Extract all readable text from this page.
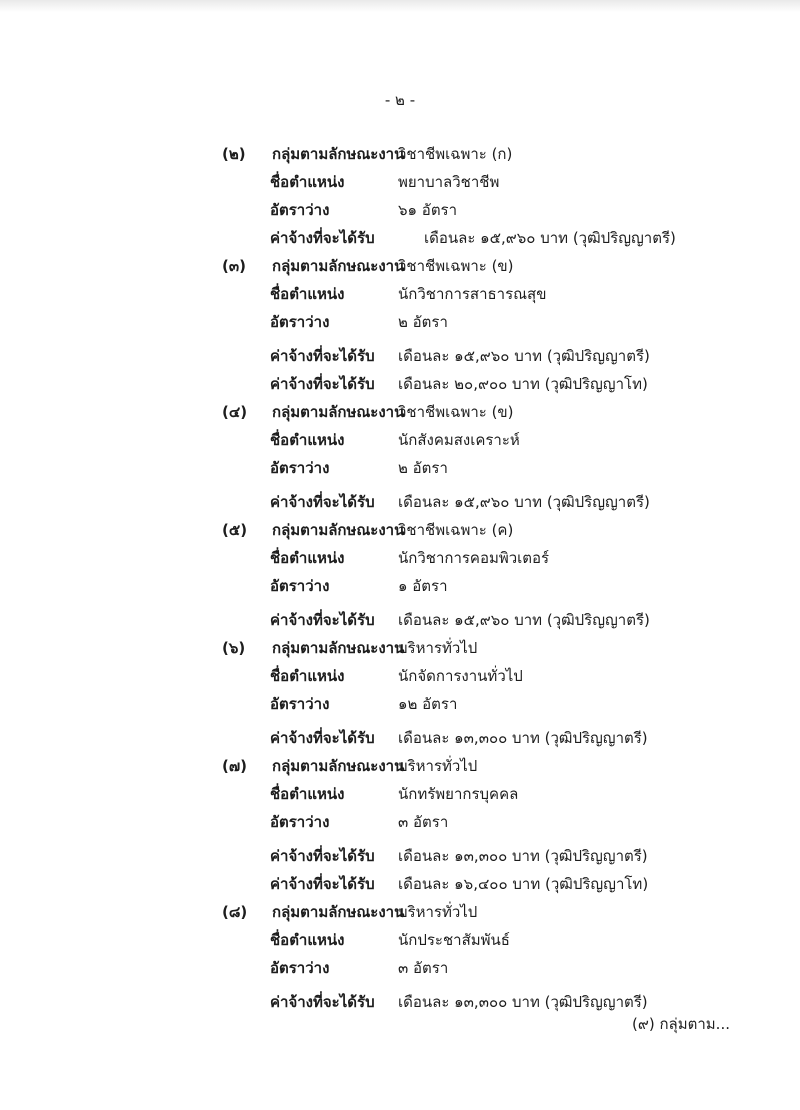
- ๒ -
(๒) กลุ่มตามลักษณะงาน
วิชาชีพเฉพาะ (ก)
ชื่อตำแหน่ง	พยาบาลวิชาชีพ
อัตราว่าง	๖๑ อัตรา
ค่าจ้างที่จะได้รับ	เดือนละ ๑๕,๙๖๐ บาท (วุฒิปริญญาตรี)
(๓) กลุ่มตามลักษณะงาน
วิชาชีพเฉพาะ (ข)
ชื่อตำแหน่ง	นักวิชาการสาธารณสุข
อัตราว่าง	๒ อัตรา
ค่าจ้างที่จะได้รับ เดือนละ ๑๕,๙๖๐ บาท (วุฒิปริญญาตรี)
ค่าจ้างที่จะได้รับ เดือนละ ๒๐,๙๐๐ บาท (วุฒิปริญญาโท)
(๔) กลุ่มตามลักษณะงาน
วิชาชีพเฉพาะ (ข)
ชื่อตำแหน่ง	นักสังคมสงเคราะห์
อัตราว่าง	๒ อัตรา
ค่าจ้างที่จะได้รับ เดือนละ ๑๕,๙๖๐ บาท (วุฒิปริญญาตรี)
(๕) กลุ่มตามลักษณะงาน
วิชาชีพเฉพาะ (ค)
ชื่อตำแหน่ง	นักวิชาการคอมพิวเตอร์
อัตราว่าง	๑ อัตรา
ค่าจ้างที่จะได้รับ เดือนละ ๑๕,๙๖๐ บาท (วุฒิปริญญาตรี)
(๖) กลุ่มตามลักษณะงาน
บริหารทั่วไป
ชื่อตำแหน่ง	นักจัดการงานทั่วไป
อัตราว่าง	๑๒ อัตรา
ค่าจ้างที่จะได้รับ เดือนละ ๑๓,๓๐๐ บาท (วุฒิปริญญาตรี)
(๗) กลุ่มตามลักษณะงาน
บริหารทั่วไป
ชื่อตำแหน่ง	นักทรัพยากรบุคคล
อัตราว่าง	๓ อัตรา
ค่าจ้างที่จะได้รับ เดือนละ ๑๓,๓๐๐ บาท (วุฒิปริญญาตรี)
ค่าจ้างที่จะได้รับ เดือนละ ๑๖,๔๐๐ บาท (วุฒิปริญญาโท)
(๘) กลุ่มตามลักษณะงาน
บริหารทั่วไป
ชื่อตำแหน่ง	นักประชาสัมพันธ์
อัตราว่าง	๓ อัตรา
ค่าจ้างที่จะได้รับ เดือนละ ๑๓,๓๐๐ บาท (วุฒิปริญญาตรี)
(๙) กลุ่มตาม...
